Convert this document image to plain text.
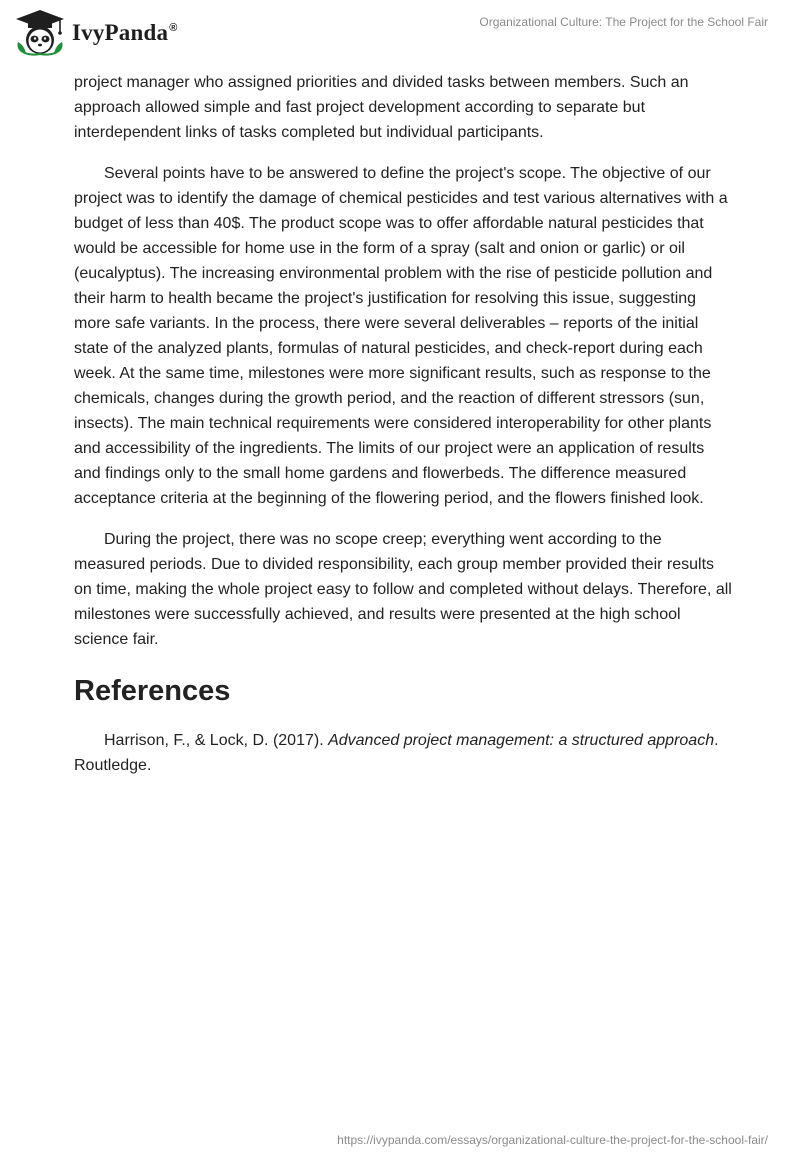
IvyPanda®	Organizational Culture: The Project for the School Fair

project manager who assigned priorities and divided tasks between members. Such an approach allowed simple and fast project development according to separate but interdependent links of tasks completed but individual participants.

Several points have to be answered to define the project's scope. The objective of our project was to identify the damage of chemical pesticides and test various alternatives with a budget of less than 40$. The product scope was to offer affordable natural pesticides that would be accessible for home use in the form of a spray (salt and onion or garlic) or oil (eucalyptus). The increasing environmental problem with the rise of pesticide pollution and their harm to health became the project's justification for resolving this issue, suggesting more safe variants. In the process, there were several deliverables – reports of the initial state of the analyzed plants, formulas of natural pesticides, and check-report during each week. At the same time, milestones were more significant results, such as response to the chemicals, changes during the growth period, and the reaction of different stressors (sun, insects). The main technical requirements were considered interoperability for other plants and accessibility of the ingredients. The limits of our project were an application of results and findings only to the small home gardens and flowerbeds. The difference measured acceptance criteria at the beginning of the flowering period, and the flowers finished look.

During the project, there was no scope creep; everything went according to the measured periods. Due to divided responsibility, each group member provided their results on time, making the whole project easy to follow and completed without delays. Therefore, all milestones were successfully achieved, and results were presented at the high school science fair.

References

Harrison, F., & Lock, D. (2017). Advanced project management: a structured approach. Routledge.

https://ivypanda.com/essays/organizational-culture-the-project-for-the-school-fair/
